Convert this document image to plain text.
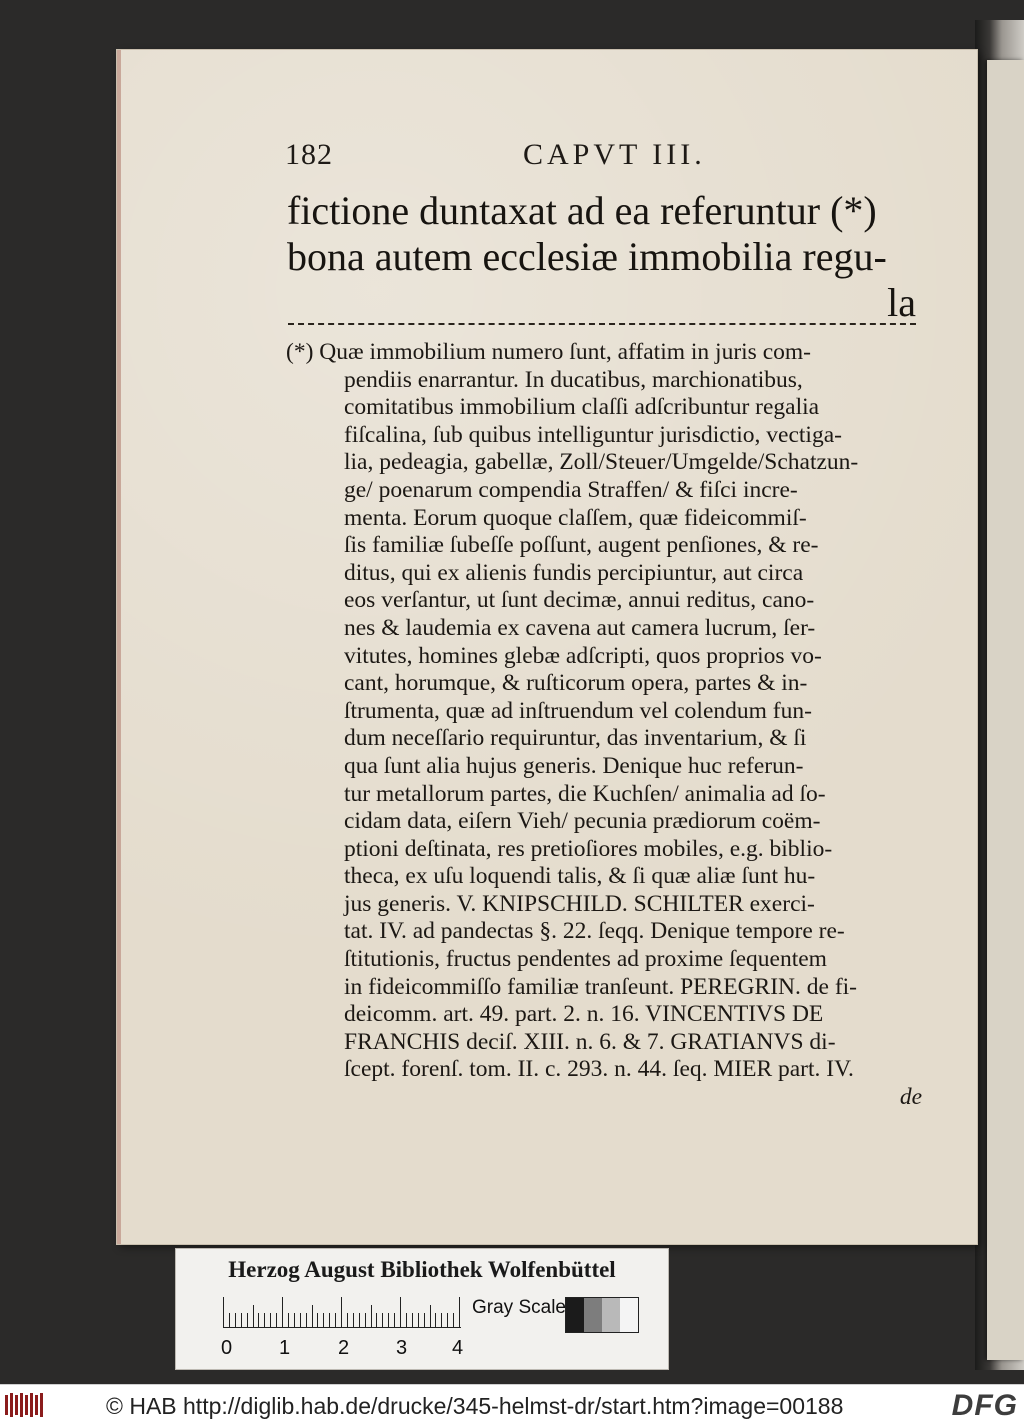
182	CAPVT III.
fictione duntaxat ad ea referuntur (*)
bona autem ecclesiæ immobilia regu-
la
(*) Quæ immobilium numero ſunt, affatim in juris com-
pendiis enarrantur. In ducatibus, marchionatibus,
comitatibus immobilium claſſi adſcribuntur regalia
fiſcalina, ſub quibus intelliguntur jurisdictio, vectiga-
lia, pedeagia, gabellæ, Zoll/Steuer/Umgelde/Schatzun-
ge/ poenarum compendia Straffen/ & fiſci incre-
menta. Eorum quoque claſſem, quæ fideicommiſ-
ſis familiæ ſubeſſe poſſunt, augent penſiones, & re-
ditus, qui ex alienis fundis percipiuntur, aut circa
eos verſantur, ut ſunt decimæ, annui reditus, cano-
nes & laudemia ex cavena aut camera lucrum, ſer-
vitutes, homines glebæ adſcripti, quos proprios vo-
cant, horumque, & ruſticorum opera, partes & in-
ſtrumenta, quæ ad inſtruendum vel colendum fun-
dum neceſſario requiruntur, das inventarium, & ſi
qua ſunt alia hujus generis. Denique huc referun-
tur metallorum partes, die Kuchſen/ animalia ad ſo-
cidam data, eiſern Vieh/ pecunia prædiorum coëm-
ptioni deſtinata, res pretioſiores mobiles, e.g. biblio-
theca, ex uſu loquendi talis, & ſi quæ aliæ ſunt hu-
jus generis. V. KNIPSCHILD. SCHILTER exerci-
tat. IV. ad pandectas §. 22. ſeqq. Denique tempore re-
ſtitutionis, fructus pendentes ad proxime ſequentem
in fideicommiſſo familiæ tranſeunt. PEREGRIN. de fi-
deicomm. art. 49. part. 2. n. 16. VINCENTIVS DE
FRANCHIS deciſ. XIII. n. 6. & 7. GRATIANVS di-
ſcept. forenſ. tom. II. c. 293. n. 44. ſeq. MIER part. IV.
de
Herzog August Bibliothek Wolfenbüttel
0 1 2 3 4
Gray Scale
© HAB http://diglib.hab.de/drucke/345-helmst-dr/start.htm?image=00188	DFG
